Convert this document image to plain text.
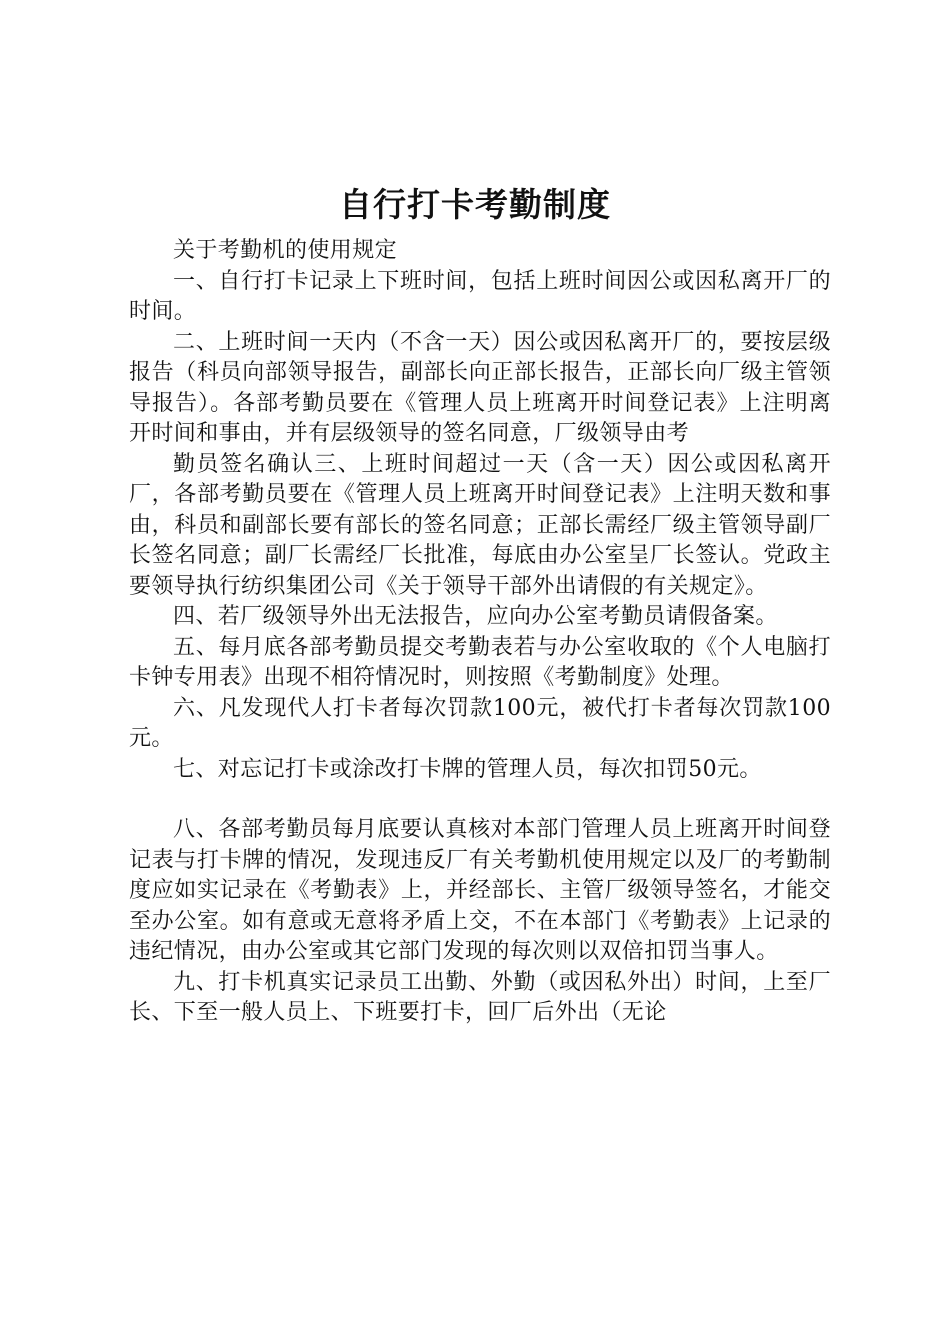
自行打卡考勤制度

关于考勤机的使用规定

一、自行打卡记录上下班时间，包括上班时间因公或因私离开厂的时间。

二、上班时间一天内（不含一天）因公或因私离开厂的，要按层级报告（科员向部领导报告，副部长向正部长报告，正部长向厂级主管领导报告）。各部考勤员要在《管理人员上班离开时间登记表》上注明离开时间和事由，并有层级领导的签名同意，厂级领导由考

勤员签名确认三、上班时间超过一天（含一天）因公或因私离开厂，各部考勤员要在《管理人员上班离开时间登记表》上注明天数和事由，科员和副部长要有部长的签名同意；正部长需经厂级主管领导副厂长签名同意；副厂长需经厂长批准，每底由办公室呈厂长签认。党政主要领导执行纺织集团公司《关于领导干部外出请假的有关规定》。

四、若厂级领导外出无法报告，应向办公室考勤员请假备案。

五、每月底各部考勤员提交考勤表若与办公室收取的《个人电脑打卡钟专用表》出现不相符情况时，则按照《考勤制度》处理。

六、凡发现代人打卡者每次罚款100元，被代打卡者每次罚款100元。

七、对忘记打卡或涂改打卡牌的管理人员，每次扣罚50元。

八、各部考勤员每月底要认真核对本部门管理人员上班离开时间登记表与打卡牌的情况，发现违反厂有关考勤机使用规定以及厂的考勤制度应如实记录在《考勤表》上，并经部长、主管厂级领导签名，才能交至办公室。如有意或无意将矛盾上交，不在本部门《考勤表》上记录的违纪情况，由办公室或其它部门发现的每次则以双倍扣罚当事人。

九、打卡机真实记录员工出勤、外勤（或因私外出）时间，上至厂长、下至一般人员上、下班要打卡，回厂后外出（无论
